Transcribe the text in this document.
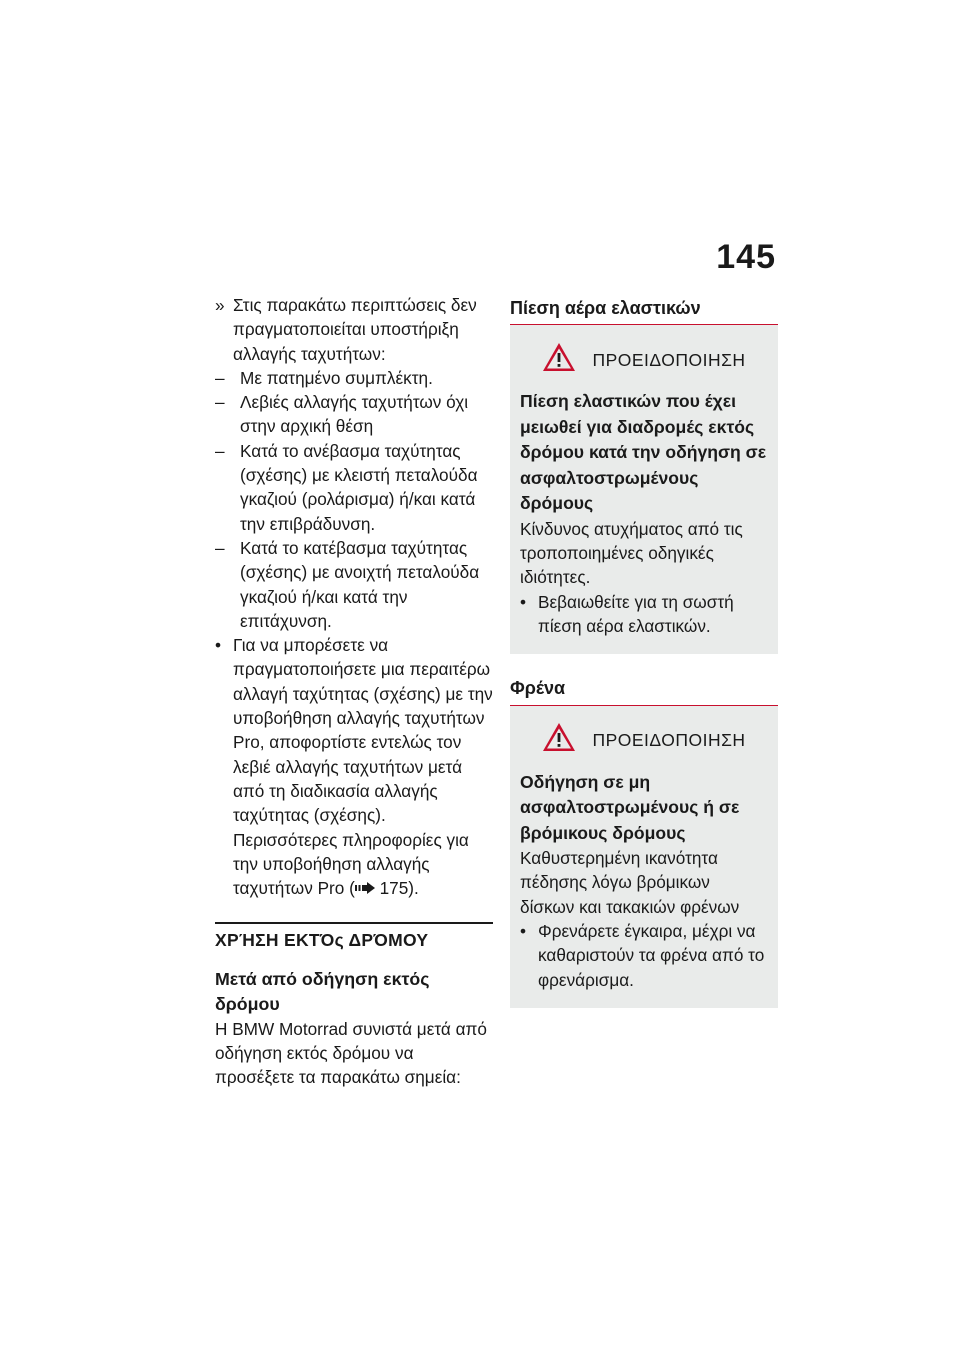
145

» Στις παρακάτω περιπτώσεις δεν πραγματοποιείται υποστήριξη αλλαγής ταχυτήτων:

– Με πατημένο συμπλέκτη.

– Λεβιές αλλαγής ταχυτήτων όχι στην αρχική θέση

– Κατά το ανέβασμα ταχύτητας (σχέσης) με κλειστή πεταλούδα γκαζιού (ρολάρισμα) ή/και κατά την επιβράδυνση.

– Κατά το κατέβασμα ταχύτητας (σχέσης) με ανοιχτή πεταλούδα γκαζιού ή/και κατά την επιτάχυνση.

• Για να μπορέσετε να πραγματοποιήσετε μια περαιτέρω αλλαγή ταχύτητας (σχέσης) με την υποβοήθηση αλλαγής ταχυτήτων Pro, αποφορτίστε εντελώς τον λεβιέ αλλαγής ταχυτήτων μετά από τη διαδικασία αλλαγής ταχύτητας (σχέσης). Περισσότερες πληροφορίες για την υποβοήθηση αλλαγής ταχυτήτων Pro ( 175).

ΧΡΉΣΗ ΕΚΤΌς ΔΡΌΜΟΥ
Μετά από οδήγηση εκτός δρόμου

Η BMW Motorrad συνιστά μετά από οδήγηση εκτός δρόμου να προσέξετε τα παρακάτω σημεία:

Πίεση αέρα ελαστικών
ΠΡΟΕΙΔΟΠΟΙΗΣΗ
Πίεση ελαστικών που έχει μειωθεί για διαδρομές εκτός δρόμου κατά την οδήγηση σε ασφαλτοστρωμένους δρόμους

Κίνδυνος ατυχήματος από τις τροποποιημένες οδηγικές ιδιότητες.

• Βεβαιωθείτε για τη σωστή πίεση αέρα ελαστικών.

Φρένα
ΠΡΟΕΙΔΟΠΟΙΗΣΗ
Οδήγηση σε μη ασφαλτοστρωμένους ή σε βρόμικους δρόμους

Καθυστερημένη ικανότητα πέδησης λόγω βρόμικων δίσκων και τακακιών φρένων

• Φρενάρετε έγκαιρα, μέχρι να καθαριστούν τα φρένα από το φρενάρισμα.
